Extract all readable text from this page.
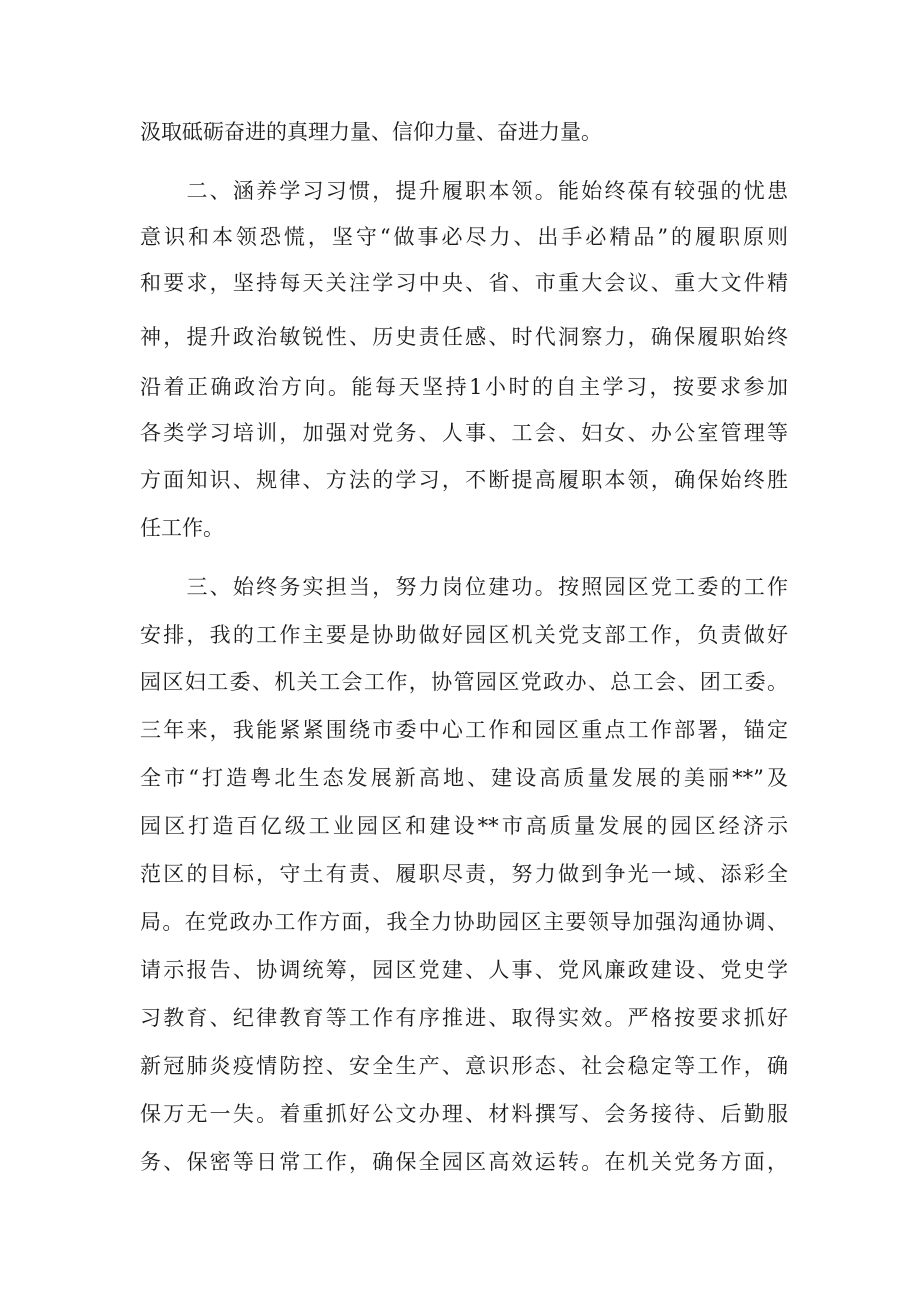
汲取砥砺奋进的真理力量、信仰力量、奋进力量。
　　二、涵养学习习惯，提升履职本领。能始终葆有较强的忧患
意识和本领恐慌，坚守“做事必尽力、出手必精品”的履职原则
和要求，坚持每天关注学习中央、省、市重大会议、重大文件精
神，提升政治敏锐性、历史责任感、时代洞察力，确保履职始终
沿着正确政治方向。能每天坚持1小时的自主学习，按要求参加
各类学习培训，加强对党务、人事、工会、妇女、办公室管理等
方面知识、规律、方法的学习，不断提高履职本领，确保始终胜
任工作。
　　三、始终务实担当，努力岗位建功。按照园区党工委的工作
安排，我的工作主要是协助做好园区机关党支部工作，负责做好
园区妇工委、机关工会工作，协管园区党政办、总工会、团工委。
三年来，我能紧紧围绕市委中心工作和园区重点工作部署，锚定
全市“打造粤北生态发展新高地、建设高质量发展的美丽**”及
园区打造百亿级工业园区和建设**市高质量发展的园区经济示
范区的目标，守土有责、履职尽责，努力做到争光一域、添彩全
局。在党政办工作方面，我全力协助园区主要领导加强沟通协调、
请示报告、协调统筹，园区党建、人事、党风廉政建设、党史学
习教育、纪律教育等工作有序推进、取得实效。严格按要求抓好
新冠肺炎疫情防控、安全生产、意识形态、社会稳定等工作，确
保万无一失。着重抓好公文办理、材料撰写、会务接待、后勤服
务、保密等日常工作，确保全园区高效运转。在机关党务方面，
